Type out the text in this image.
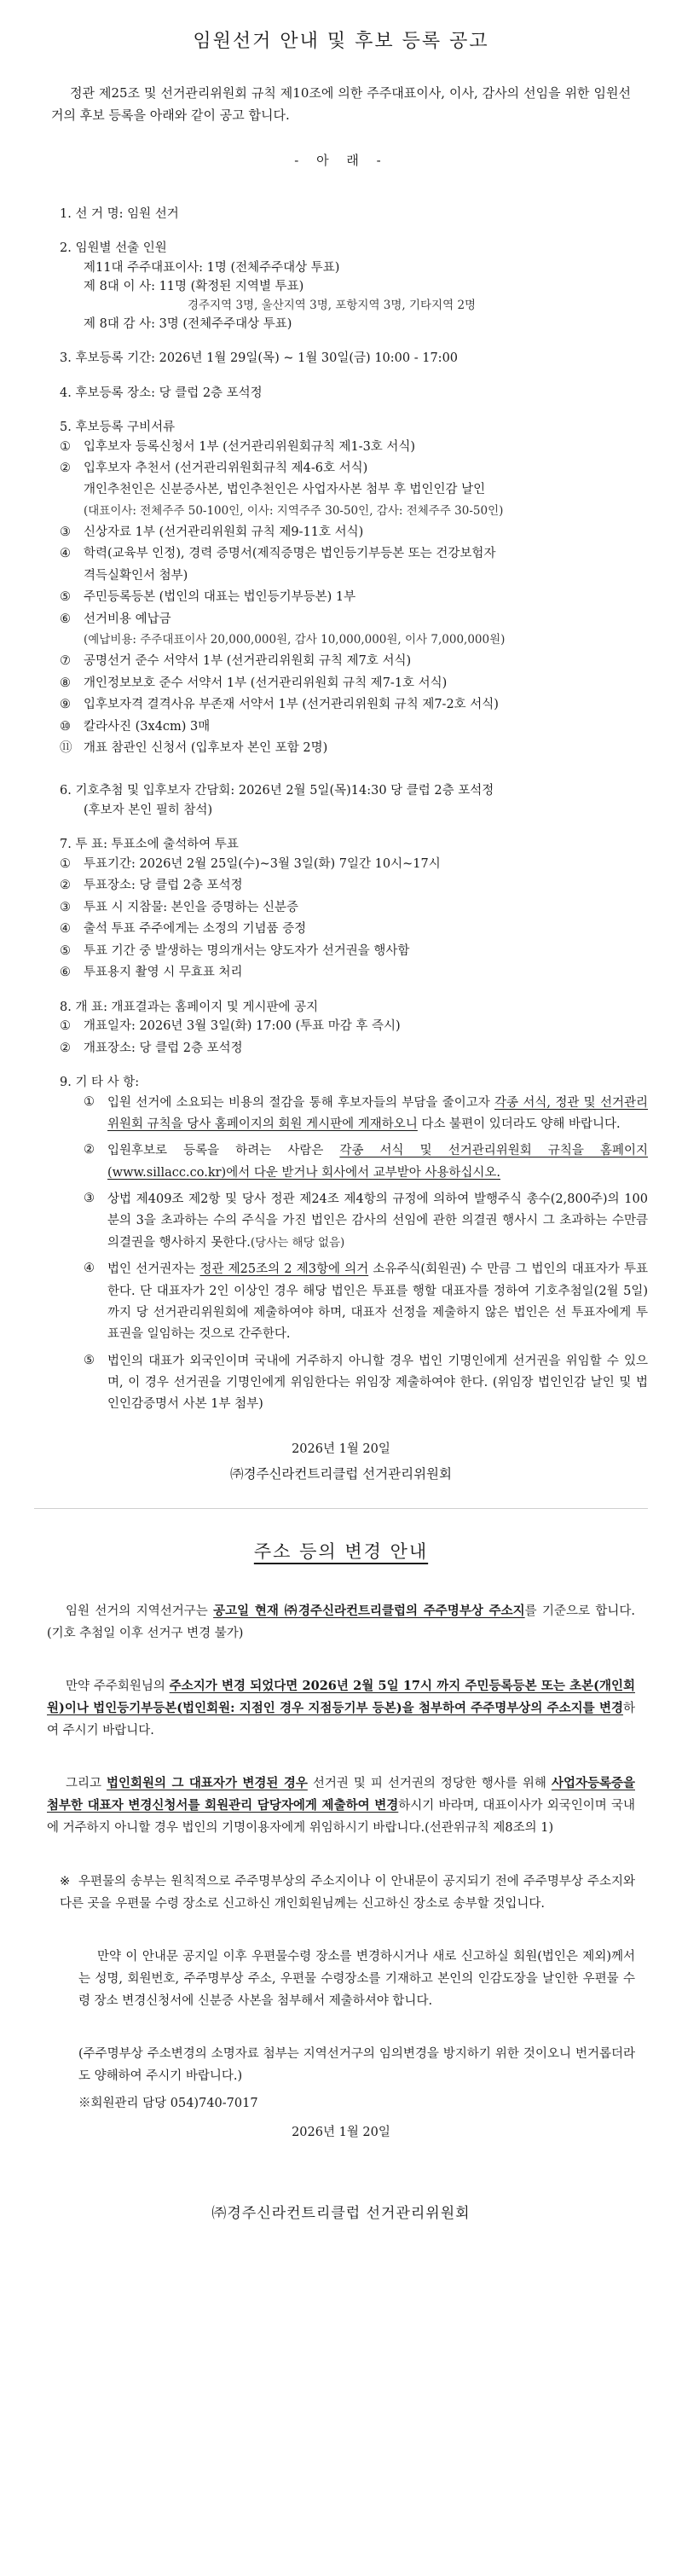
임원선거 안내 및 후보 등록 공고
정관 제25조 및 선거관리위원회 규칙 제10조에 의한 주주대표이사, 이사, 감사의 선임을 위한 임원선거의 후보 등록을 아래와 같이 공고 합니다.
- 아 래 -
1. 선 거 명: 임원 선거
2. 임원별 선출 인원
제11대 주주대표이사: 1명 (전체주주대상 투표)
제 8대 이 사: 11명 (확정된 지역별 투표)
경주지역 3명, 울산지역 3명, 포항지역 3명, 기타지역 2명
제 8대 감 사: 3명 (전체주주대상 투표)
3. 후보등록 기간: 2026년 1월 29일(목) ~ 1월 30일(금) 10:00 - 17:00
4. 후보등록 장소: 당 클럽 2층 포석정
5. 후보등록 구비서류
①	입후보자 등록신청서 1부 (선거관리위원회규칙 제1-3호 서식)
②	입후보자 추천서 (선거관리위원회규칙 제4-6호 서식)
개인추천인은 신분증사본, 법인추천인은 사업자사본 첨부 후 법인인감 날인
(대표이사: 전체주주 50-100인, 이사: 지역주주 30-50인, 감사: 전체주주 30-50인)
③	신상자료 1부 (선거관리위원회 규칙 제9-11호 서식)
④	학력(교육부 인정), 경력 증명서(제직증명은 법인등기부등본 또는 건강보험자
격득실확인서 첨부)
⑤	주민등록등본 (법인의 대표는 법인등기부등본) 1부
⑥	선거비용 예납금
(예납비용: 주주대표이사 20,000,000원, 감사 10,000,000원, 이사 7,000,000원)
⑦	공명선거 준수 서약서 1부 (선거관리위원회 규칙 제7호 서식)
⑧	개인정보보호 준수 서약서 1부 (선거관리위원회 규칙 제7-1호 서식)
⑨	입후보자격 결격사유 부존재 서약서 1부 (선거관리위원회 규칙 제7-2호 서식)
⑩	칼라사진 (3x4cm) 3매
⑪ 개표 참관인 신청서 (입후보자 본인 포함 2명)
6. 기호추첨 및 입후보자 간담회: 2026년 2월 5일(목)14:30 당 클럽 2층 포석정
(후보자 본인 필히 참석)
7. 투 표: 투표소에 출석하여 투표
①	투표기간: 2026년 2월 25일(수)~3월 3일(화) 7일간 10시~17시
②	투표장소: 당 클럽 2층 포석정
③	투표 시 지참물: 본인을 증명하는 신분증
④	출석 투표 주주에게는 소정의 기념품 증정
⑤	투표 기간 중 발생하는 명의개서는 양도자가 선거권을 행사함
⑥	투표용지 촬영 시 무효표 처리
8. 개 표: 개표결과는 홈페이지 및 게시판에 공지
①	개표일자: 2026년 3월 3일(화) 17:00 (투표 마감 후 즉시)
②	개표장소: 당 클럽 2층 포석정
9. 기 타 사 항:
①	입원 선거에 소요되는 비용의 절감을 통해 후보자들의 부담을 줄이고자 각종 서식, 정관 및 선거관리위원회 규칙을 당사 홈페이지의 회원 게시판에 게재하오니 다소 불편이 있더라도 양해 바랍니다.
②	입원후보로 등록을 하려는 사람은 각종 서식 및 선거관리위원회 규칙을 홈페이지 (www.sillacc.co.kr)에서 다운 받거나 회사에서 교부받아 사용하십시오.
③	상법 제409조 제2항 및 당사 정관 제24조 제4항의 규정에 의하여 발행주식 총수(2,800주)의 100분의 3을 초과하는 수의 주식을 가진 법인은 감사의 선임에 관한 의결권 행사시 그 초과하는 수만큼 의결권을 행사하지 못한다.(당사는 해당 없음)
④	법인 선거권자는 정관 제25조의 2 제3항에 의거 소유주식(회원권) 수 만큼 그 법인의 대표자가 투표 한다. 단 대표자가 2인 이상인 경우 해당 법인은 투표를 행할 대표자를 정하여 기호추첨일(2월 5일)까지 당 선거관리위원회에 제출하여야 하며, 대표자 선정을 제출하지 않은 법인은 선 투표자에게 투표권을 일임하는 것으로 간주한다.
⑤	법인의 대표가 외국인이며 국내에 거주하지 아니할 경우 법인 기명인에게 선거권을 위임할 수 있으며, 이 경우 선거권을 기명인에게 위임한다는 위임장 제출하여야 한다. (위임장 법인인감 날인 및 법인인감증명서 사본 1부 첨부)
2026년 1월 20일
㈜경주신라컨트리클럽 선거관리위원회
주소 등의 변경 안내
임원 선거의 지역선거구는 공고일 현재 ㈜경주신라컨트리클럽의 주주명부상 주소지를 기준으로 합니다.(기호 추첨일 이후 선거구 변경 불가)
만약 주주회원님의 주소지가 변경 되었다면 2026년 2월 5일 17시 까지 주민등록등본 또는 초본(개인회원)이나 법인등기부등본(법인회원: 지점인 경우 지점등기부 등본)을 첨부하여 주주명부상의 주소지를 변경하여 주시기 바랍니다.
그리고 법인회원의 그 대표자가 변경된 경우 선거권 및 피 선거권의 정당한 행사를 위해 사업자등록증을 첨부한 대표자 변경신청서를 회원관리 담당자에게 제출하여 변경하시기 바라며, 대표이사가 외국인이며 국내에 거주하지 아니할 경우 법인의 기명이용자에게 위임하시기 바랍니다.(선관위규칙 제8조의 1)
※ 우편물의 송부는 원칙적으로 주주명부상의 주소지이나 이 안내문이 공지되기 전에 주주명부상 주소지와 다른 곳을 우편물 수령 장소로 신고하신 개인회원님께는 신고하신 장소로 송부할 것입니다.
만약 이 안내문 공지일 이후 우편물수령 장소를 변경하시거나 새로 신고하실 회원(법인은 제외)께서는 성명, 회원번호, 주주명부상 주소, 우편물 수령장소를 기재하고 본인의 인감도장을 날인한 우편물 수령 장소 변경신청서에 신분증 사본을 첨부해서 제출하셔야 합니다.
(주주명부상 주소변경의 소명자료 첨부는 지역선거구의 임의변경을 방지하기 위한 것이오니 번거롭더라도 양해하여 주시기 바랍니다.)
※회원관리 담당 054)740-7017
2026년 1월 20일
㈜경주신라컨트리클럽 선거관리위원회
